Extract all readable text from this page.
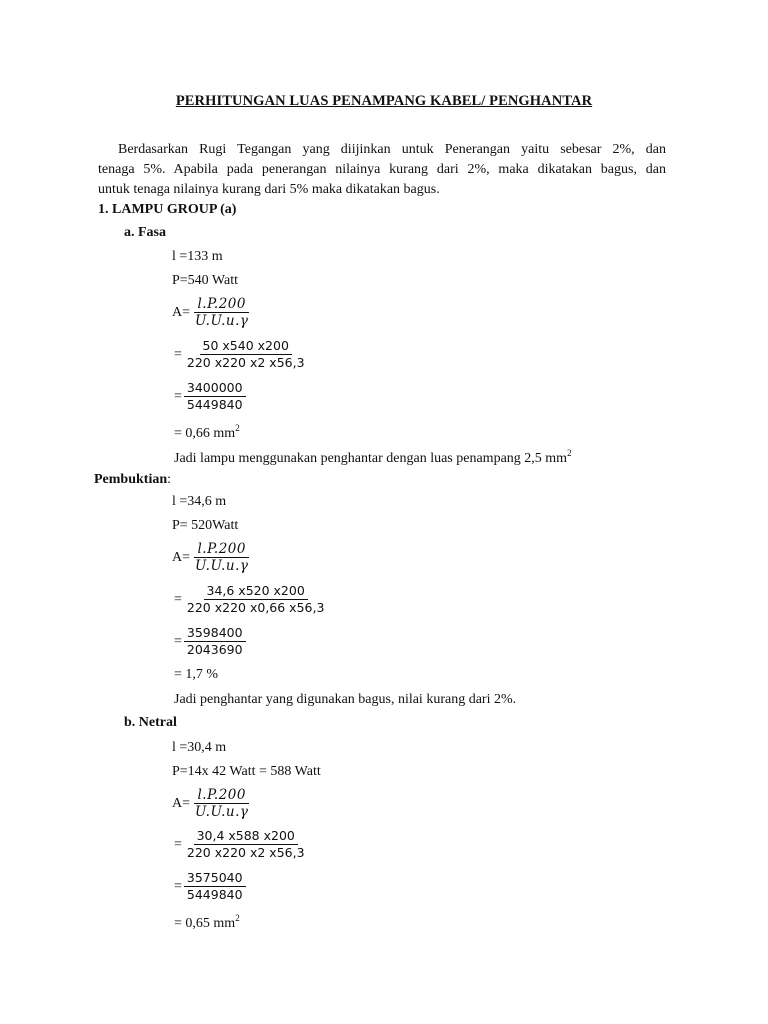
PERHITUNGAN LUAS PENAMPANG KABEL/ PENGHANTAR
Berdasarkan Rugi Tegangan yang diijinkan untuk Penerangan yaitu sebesar 2%, dan
tenaga 5%. Apabila pada penerangan nilainya kurang dari 2%, maka dikatakan bagus, dan
untuk tenaga nilainya kurang dari 5% maka dikatakan bagus.
1. LAMPU GROUP (a)
a. Fasa
l =133 m
P=540 Watt
$A= \frac{l.P.200}{U.U.u.\gamma}$
= $\frac{50 x540 x200}{220 x220 x2 x56,3}$
= $\frac{3400000}{5449840}$
= 0,66 $mm^2$
Jadi lampu menggunakan penghantar dengan luas penampang 2,5 $mm^2$
Pembuktian:
l =34,6 m
P= 520Watt
$A= \frac{l.P.200}{U.U.u.\gamma}$
= $\frac{34,6 x520 x200}{220 x220 x0,66 x56,3}$
= $\frac{3598400}{2043690}$
= 1,7 %
Jadi penghantar yang digunakan bagus, nilai kurang dari 2%.
b. Netral
l =30,4 m
P=14x 42 Watt = 588 Watt
$A= \frac{l.P.200}{U.U.u.\gamma}$
= $\frac{30,4 x588 x200}{220 x220 x2 x56,3}$
= $\frac{3575040}{5449840}$
= 0,65 $mm^2$
